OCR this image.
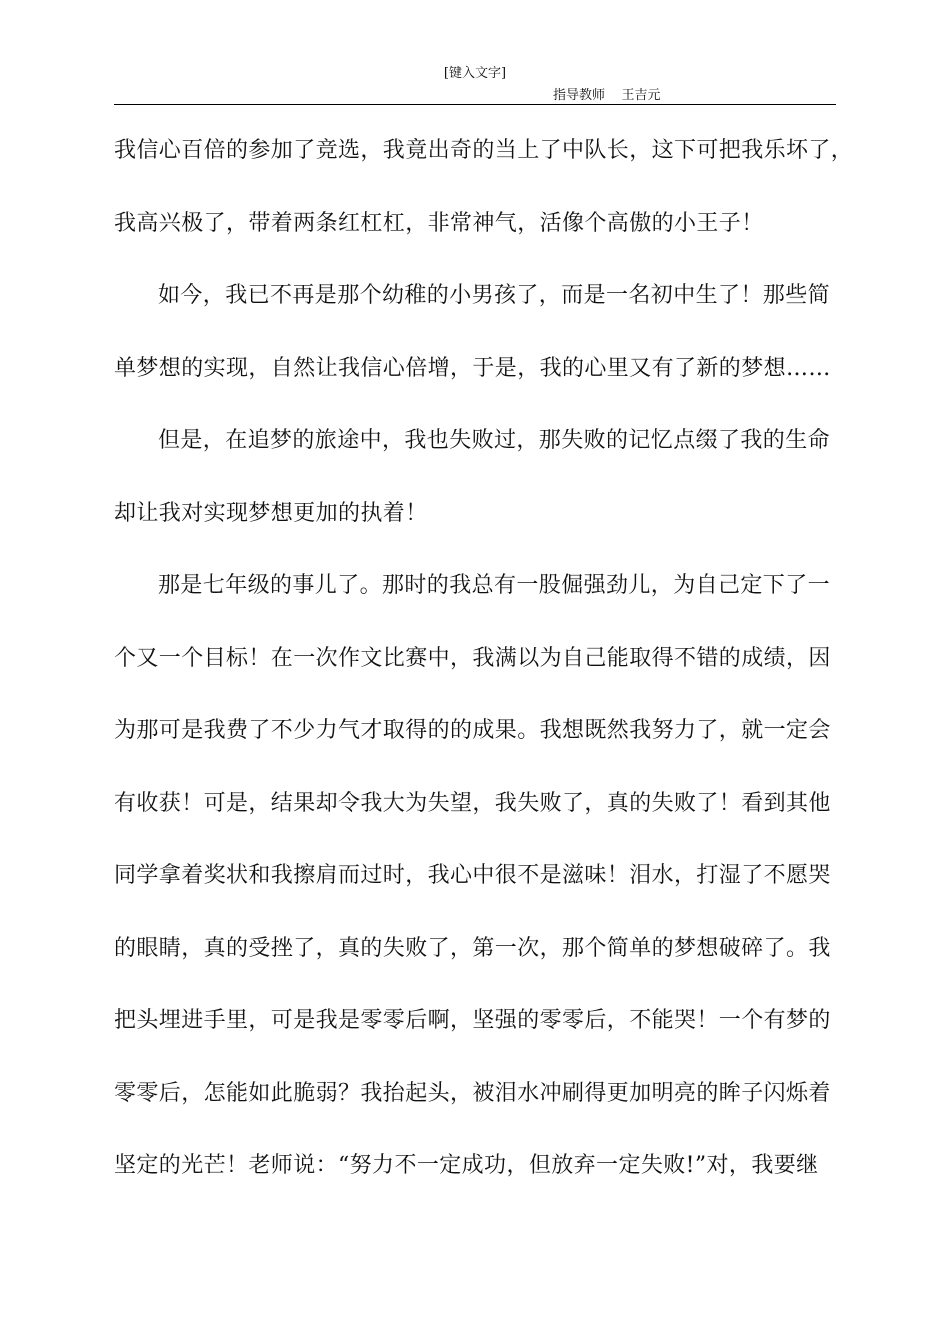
[键入文字]
指导教师    王吉元
我信心百倍的参加了竞选，我竟出奇的当上了中队长，这下可把我乐坏了，
我高兴极了，带着两条红杠杠，非常神气，活像个高傲的小王子！
如今，我已不再是那个幼稚的小男孩了，而是一名初中生了！那些简
单梦想的实现，自然让我信心倍增，于是，我的心里又有了新的梦想……
但是，在追梦的旅途中，我也失败过，那失败的记忆点缀了我的生命
却让我对实现梦想更加的执着！
那是七年级的事儿了。那时的我总有一股倔强劲儿，为自己定下了一
个又一个目标！在一次作文比赛中，我满以为自己能取得不错的成绩，因
为那可是我费了不少力气才取得的的成果。我想既然我努力了，就一定会
有收获！可是，结果却令我大为失望，我失败了，真的失败了！看到其他
同学拿着奖状和我擦肩而过时，我心中很不是滋味！泪水，打湿了不愿哭
的眼睛，真的受挫了，真的失败了，第一次，那个简单的梦想破碎了。我
把头埋进手里，可是我是零零后啊，坚强的零零后，不能哭！一个有梦的
零零后，怎能如此脆弱？我抬起头，被泪水冲刷得更加明亮的眸子闪烁着
坚定的光芒！老师说：“努力不一定成功，但放弃一定失败!”对，我要继
